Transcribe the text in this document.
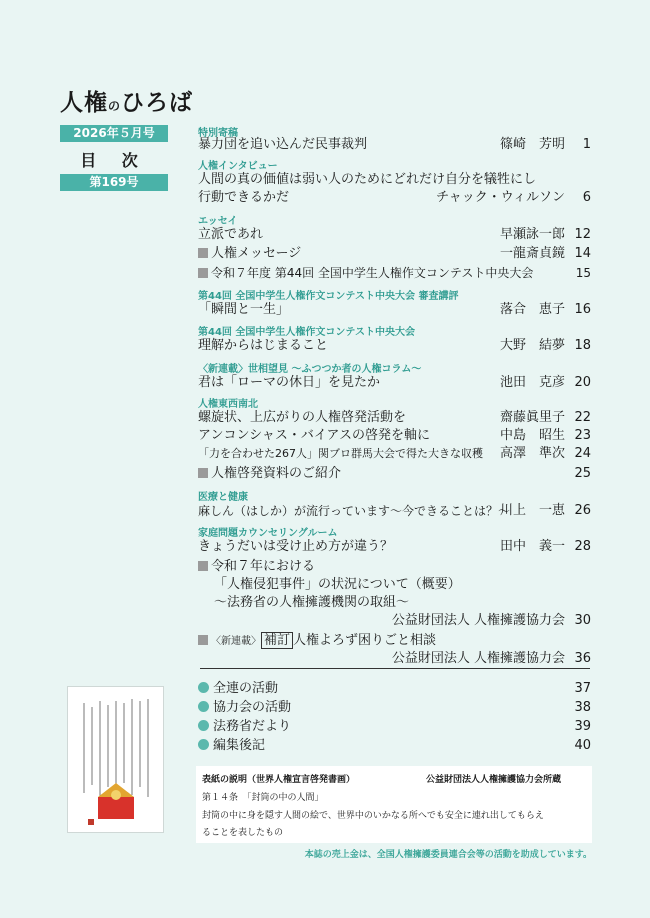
人権のひろば
2026年５月号
目 次
第169号
特別寄稿
暴力団を追い込んだ民事裁判	篠崎　芳明 1
人権インタビュー
人間の真の価値は弱い人のためにどれだけ自分を犠牲にし
行動できるかだ	チャック・ウィルソン 6
エッセイ
立派であれ	早瀬詠一郎 12
人権メッセージ	一龍斎貞鏡 14
令和７年度 第44回 全国中学生人権作文コンテスト中央大会	15
第44回 全国中学生人権作文コンテスト中央大会 審査講評
「瞬間と一生」	落合　恵子 16
第44回 全国中学生人権作文コンテスト中央大会
理解からはじまること	大野　結夢 18
〈新連載〉世相望見 ～ふつつか者の人権コラム～
君は「ローマの休日」を見たか	池田　克彦 20
人権東西南北
螺旋状、上広がりの人権啓発活動を	齋藤眞里子 22
アンコンシャス・バイアスの啓発を軸に	中島　昭生 23
「力を合わせた267人」関ブロ群馬大会で得た大きな収穫 高澤　準次 24
人権啓発資料のご紹介	25
医療と健康
麻しん（はしか）が流行っています～今できることは？～
川上　一恵 26
家庭問題カウンセリングルーム
きょうだいは受け止め方が違う？	田中　義一 28
令和７年における
「人権侵犯事件」の状況について（概要）
～法務省の人権擁護機関の取組～
公益財団法人 人権擁護協力会 30
〈新連載〉 補訂 人権よろず困りごと相談
公益財団法人 人権擁護協力会 36
全連の活動	37
協力会の活動	38
法務省だより	39
編集後記	40
表紙の説明（世界人権宣言啓発書画）	公益財団法人人権擁護協力会所蔵
第１４条　「封筒の中の人間」
封筒の中に身を隠す人間の絵で、世界中のいかなる所へでも安全に連れ出してもらえ
ることを表したもの
本誌の売上金は、全国人権擁護委員連合会等の活動を助成しています。
